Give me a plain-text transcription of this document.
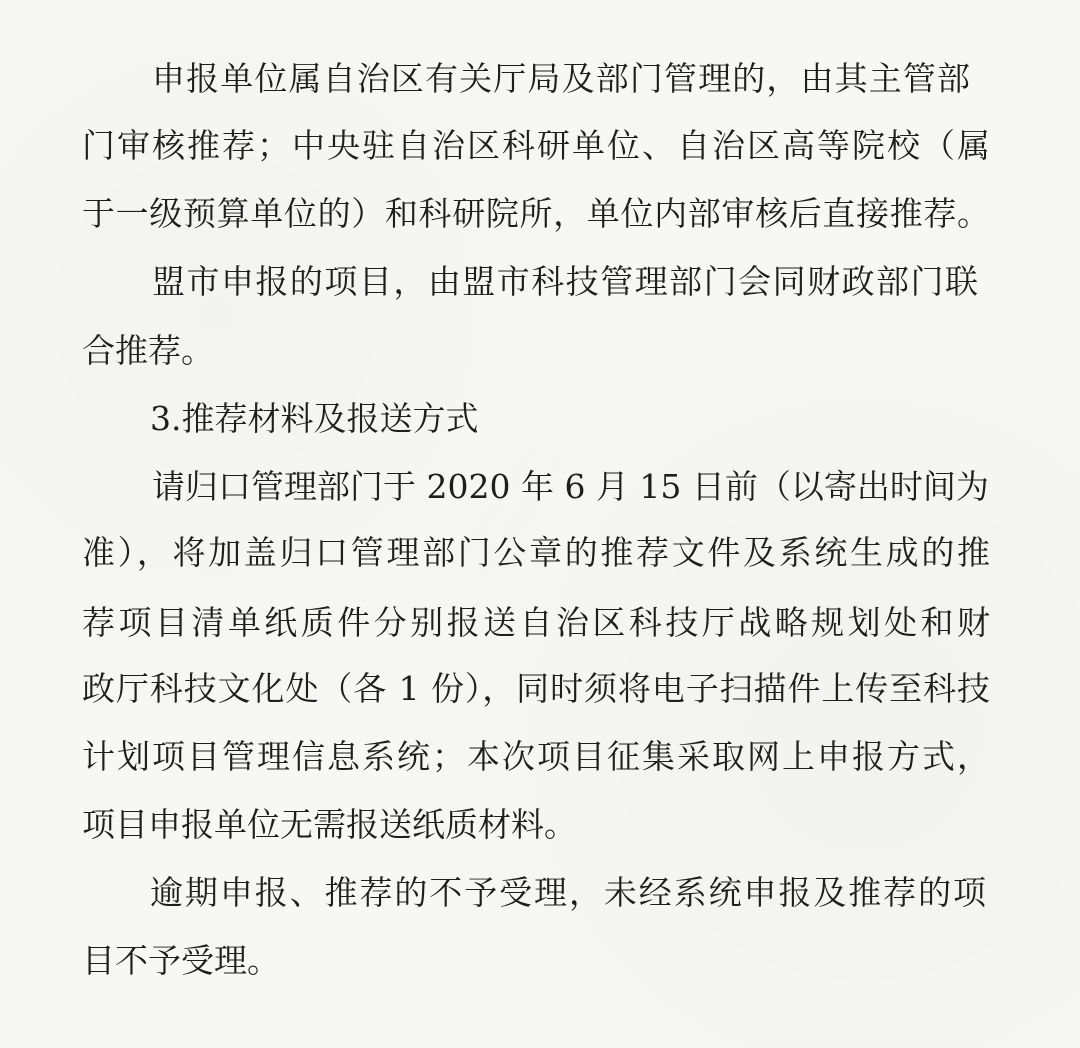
申报单位属自治区有关厅局及部门管理的，由其主管部
门审核推荐；中央驻自治区科研单位、自治区高等院校（属
于一级预算单位的）和科研院所，单位内部审核后直接推荐。
盟市申报的项目，由盟市科技管理部门会同财政部门联
合推荐。
3.推荐材料及报送方式
请归口管理部门于 2020 年 6 月 15 日前（以寄出时间为
准），将加盖归口管理部门公章的推荐文件及系统生成的推
荐项目清单纸质件分别报送自治区科技厅战略规划处和财
政厅科技文化处（各 1 份），同时须将电子扫描件上传至科技
计划项目管理信息系统；本次项目征集采取网上申报方式，
项目申报单位无需报送纸质材料。
逾期申报、推荐的不予受理，未经系统申报及推荐的项
目不予受理。
